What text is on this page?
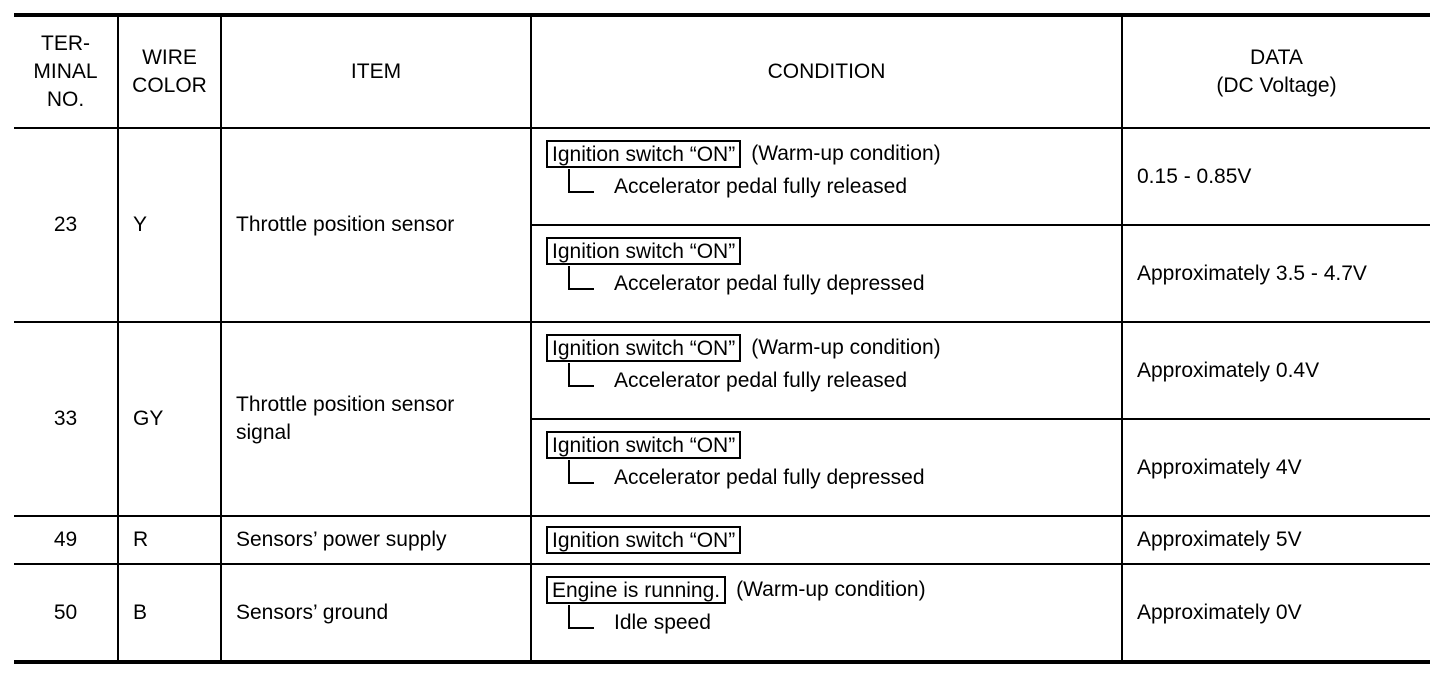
TER-
MINAL
NO.	WIRE
COLOR	ITEM	CONDITION	DATA
(DC Voltage)
23	Y	Throttle position sensor	Ignition switch “ON” (Warm-up condition)
Accelerator pedal fully released	0.15 - 0.85V

			Ignition switch “ON”
Accelerator pedal fully depressed	Approximately 3.5 - 4.7V
33	GY	Throttle position sensor signal	Ignition switch “ON” (Warm-up condition)
Accelerator pedal fully released	Approximately 0.4V

			Ignition switch “ON”
Accelerator pedal fully depressed	Approximately 4V
49	R	Sensors’ power supply	Ignition switch “ON”	Approximately 5V
50	B	Sensors’ ground	Engine is running. (Warm-up condition)
Idle speed	Approximately 0V
